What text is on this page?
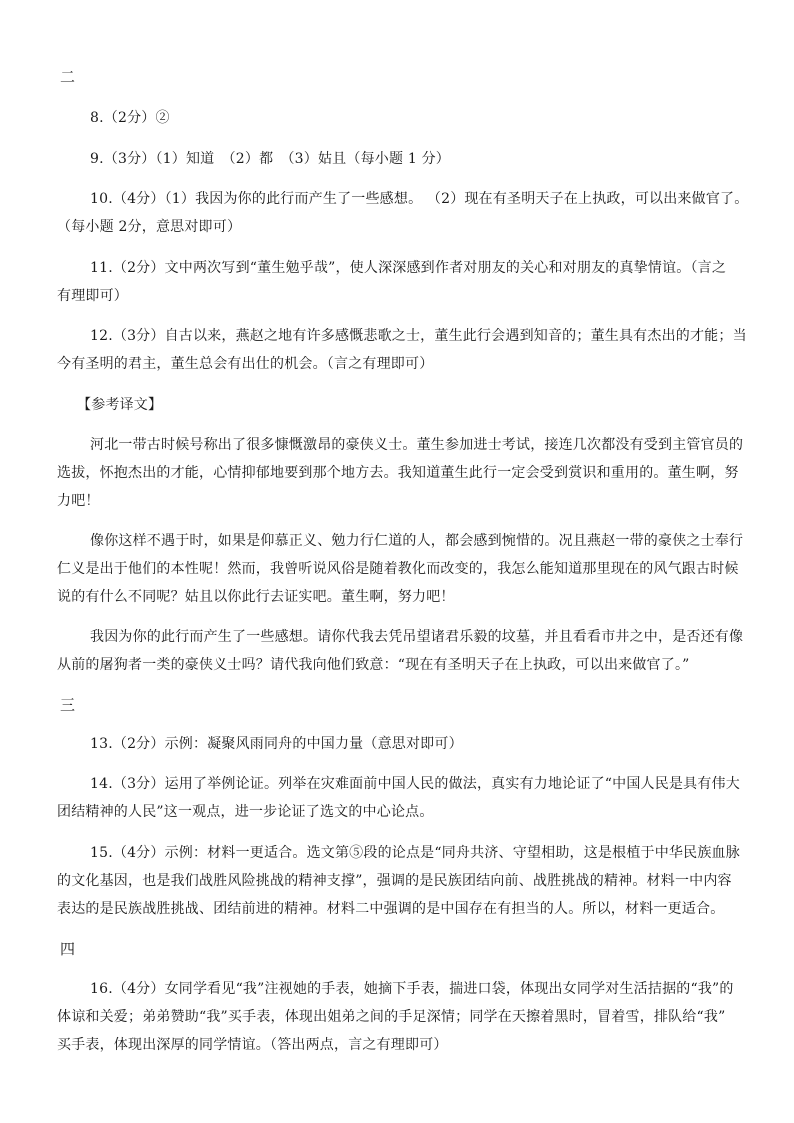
二
8.（2分）②
9.（3分）（1）知道　（2）都　（3）姑且（每小题 1 分）
10.（4分）（1）我因为你的此行而产生了一些感想。 （2）现在有圣明天子在上执政，可以出来做官了。
（每小题 2分，意思对即可）
11.（2分）文中两次写到“董生勉乎哉”，使人深深感到作者对朋友的关心和对朋友的真挚情谊。（言之
有理即可）
12.（3分）自古以来，燕赵之地有许多感慨悲歌之士，董生此行会遇到知音的；董生具有杰出的才能；当
今有圣明的君主，董生总会有出仕的机会。（言之有理即可）
【参考译文】
河北一带古时候号称出了很多慷慨激昂的豪侠义士。董生参加进士考试，接连几次都没有受到主管官员的
选拔，怀抱杰出的才能，心情抑郁地要到那个地方去。我知道董生此行一定会受到赏识和重用的。董生啊，努
力吧！
像你这样不遇于时，如果是仰慕正义、勉力行仁道的人，都会感到惋惜的。况且燕赵一带的豪侠之士奉行
仁义是出于他们的本性呢！然而，我曾听说风俗是随着教化而改变的，我怎么能知道那里现在的风气跟古时候
说的有什么不同呢？姑且以你此行去证实吧。董生啊，努力吧！
我因为你的此行而产生了一些感想。请你代我去凭吊望诸君乐毅的坟墓，并且看看市井之中，是否还有像
从前的屠狗者一类的豪侠义士吗？请代我向他们致意：“现在有圣明天子在上执政，可以出来做官了。”
三
13.（2分）示例：凝聚风雨同舟的中国力量（意思对即可）
14.（3分）运用了举例论证。列举在灾难面前中国人民的做法，真实有力地论证了“中国人民是具有伟大
团结精神的人民”这一观点，进一步论证了选文的中心论点。
15.（4分）示例：材料一更适合。选文第⑤段的论点是“同舟共济、守望相助，这是根植于中华民族血脉
的文化基因，也是我们战胜风险挑战的精神支撑”，强调的是民族团结向前、战胜挑战的精神。材料一中内容
表达的是民族战胜挑战、团结前进的精神。材料二中强调的是中国存在有担当的人。所以，材料一更适合。
四
16.（4分）女同学看见“我”注视她的手表，她摘下手表，揣进口袋，体现出女同学对生活拮据的“我”的
体谅和关爱；弟弟赞助“我”买手表，体现出姐弟之间的手足深情；同学在天擦着黑时，冒着雪，排队给“我”
买手表，体现出深厚的同学情谊。（答出两点，言之有理即可）
